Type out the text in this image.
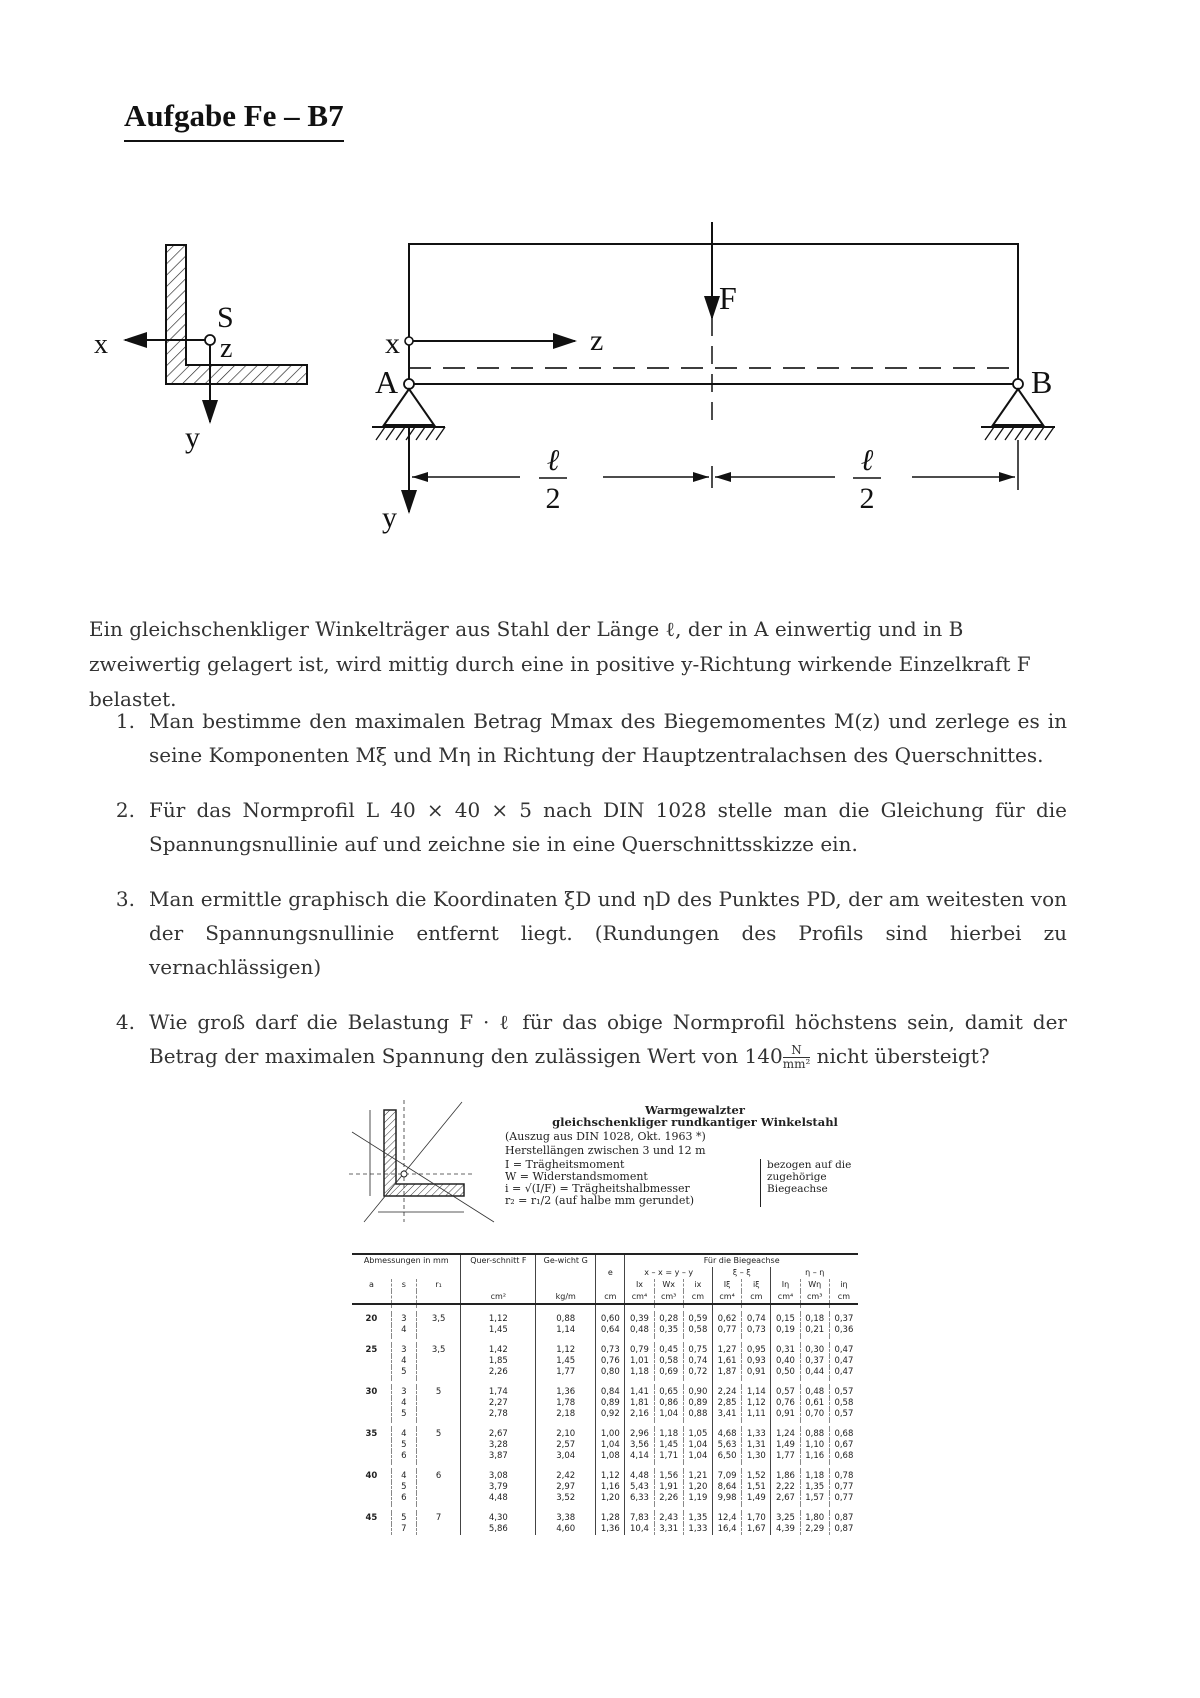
Aufgabe Fe – B7
x
S
z
y
x	z
A	B
F
y
ℓ
2
ℓ
2
Ein gleichschenkliger Winkelträger aus Stahl der Länge ℓ, der in A einwertig und in B zweiwertig gelagert ist, wird mittig durch eine in positive y-Richtung wirkende Einzelkraft F belastet.
1. Man bestimme den maximalen Betrag Mmax des Biegemomentes M(z) und zerlege es in seine Komponenten Mξ und Mη in Richtung der Hauptzentralachsen des Querschnittes.
2. Für das Normprofil L 40 × 40 × 5 nach DIN 1028 stelle man die Gleichung für die Spannungsnullinie auf und zeichne sie in eine Querschnittsskizze ein.
3. Man ermittle graphisch die Koordinaten ξD und ηD des Punktes PD, der am weitesten von der Spannungsnullinie entfernt liegt. (Rundungen des Profils sind hierbei zu vernachlässigen)
4. Wie groß darf die Belastung F · ℓ für das obige Normprofil höchstens sein, damit der Betrag der maximalen Spannung den zulässigen Wert von $140 \frac{N}{\text{mm²}}$ nicht übersteigt?
Warmgewalzter
gleichschenkliger rundkantiger Winkelstahl
(Auszug aus DIN 1028, Okt. 1963 *)
Herstellängen zwischen 3 und 12 m
I = Trägheitsmoment
W = Widerstandsmoment
i = √(I/F) = Trägheitshalbmesser
r₂ = r₁/2 (auf halbe mm gerundet)
bezogen auf die zugehörige Biegeachse
Abmessungen in mm			Quer-schnitt F	Ge-wicht G		Für die Biegeachse							
					e	x – x = y – y			ξ – ξ		η – η		
a	s	r₁				Ix	Wx	ix	Iξ	iξ	Iη	Wη	iη
			cm²	kg/m	cm	cm⁴	cm³	cm	cm⁴	cm	cm⁴	cm³	cm

20	3	3,5	1,12	0,88	0,60	0,39	0,28	0,59	0,62	0,74	0,15	0,18	0,37
	4		1,45	1,14	0,64	0,48	0,35	0,58	0,77	0,73	0,19	0,21	0,36

25	3	3,5	1,42	1,12	0,73	0,79	0,45	0,75	1,27	0,95	0,31	0,30	0,47
	4		1,85	1,45	0,76	1,01	0,58	0,74	1,61	0,93	0,40	0,37	0,47
	5		2,26	1,77	0,80	1,18	0,69	0,72	1,87	0,91	0,50	0,44	0,47

30	3	5	1,74	1,36	0,84	1,41	0,65	0,90	2,24	1,14	0,57	0,48	0,57
	4		2,27	1,78	0,89	1,81	0,86	0,89	2,85	1,12	0,76	0,61	0,58
	5		2,78	2,18	0,92	2,16	1,04	0,88	3,41	1,11	0,91	0,70	0,57

35	4	5	2,67	2,10	1,00	2,96	1,18	1,05	4,68	1,33	1,24	0,88	0,68
	5		3,28	2,57	1,04	3,56	1,45	1,04	5,63	1,31	1,49	1,10	0,67
	6		3,87	3,04	1,08	4,14	1,71	1,04	6,50	1,30	1,77	1,16	0,68

40	4	6	3,08	2,42	1,12	4,48	1,56	1,21	7,09	1,52	1,86	1,18	0,78
	5		3,79	2,97	1,16	5,43	1,91	1,20	8,64	1,51	2,22	1,35	0,77
	6		4,48	3,52	1,20	6,33	2,26	1,19	9,98	1,49	2,67	1,57	0,77

45	5	7	4,30	3,38	1,28	7,83	2,43	1,35	12,4	1,70	3,25	1,80	0,87
	7		5,86	4,60	1,36	10,4	3,31	1,33	16,4	1,67	4,39	2,29	0,87
